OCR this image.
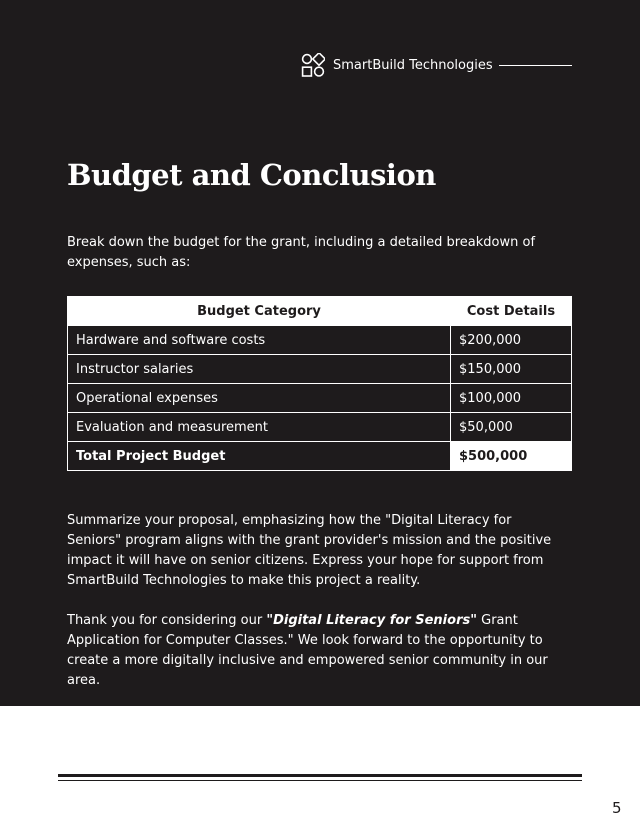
SmartBuild Technologies
Budget and Conclusion

Break down the budget for the grant, including a detailed breakdown of expenses, such as:

Budget Category	Cost Details
Hardware and software costs	$200,000
Instructor salaries	$150,000
Operational expenses	$100,000
Evaluation and measurement	$50,000
Total Project Budget	$500,000

Summarize your proposal, emphasizing how the "Digital Literacy for Seniors" program aligns with the grant provider's mission and the positive impact it will have on senior citizens. Express your hope for support from SmartBuild Technologies to make this project a reality.

Thank you for considering our "Digital Literacy for Seniors" Grant Application for Computer Classes." We look forward to the opportunity to create a more digitally inclusive and empowered senior community in our area.

5
